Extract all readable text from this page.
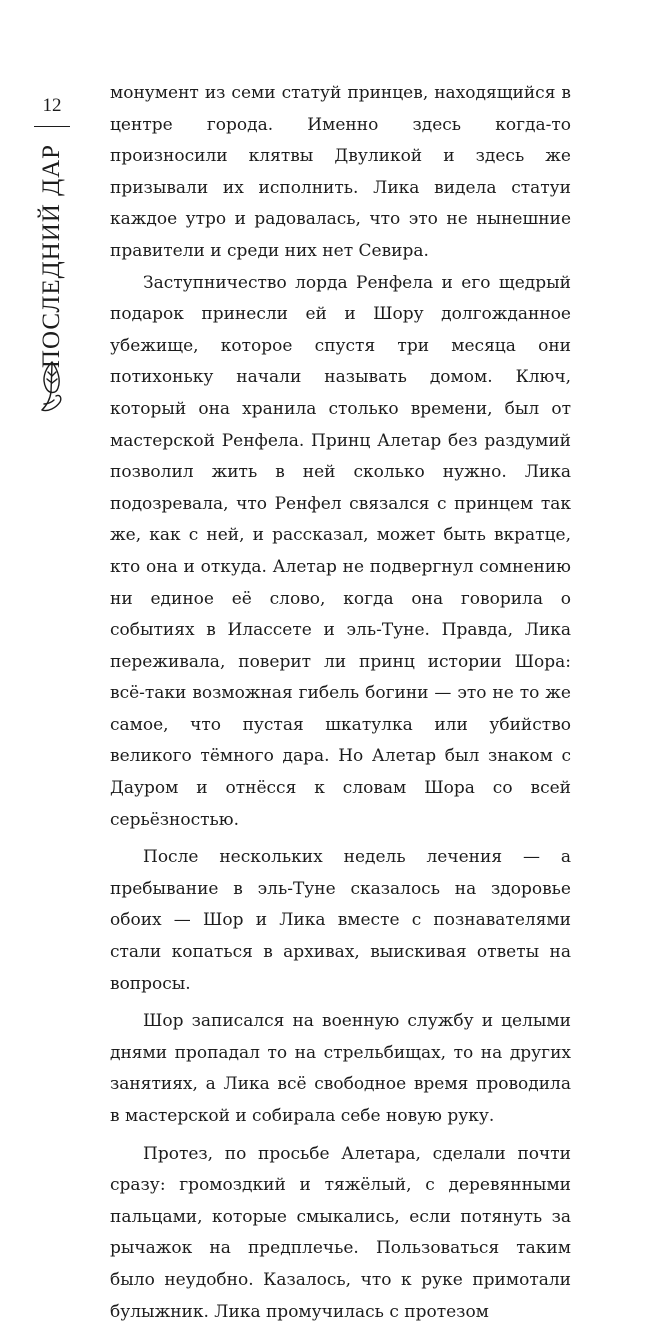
12
ПОСЛЕДНИЙ ДАР

монумент из семи статуй принцев, находящийся в центре города. Именно здесь когда-то произносили клятвы Двуликой и здесь же призывали их исполнить. Лика видела статуи каждое утро и радовалась, что это не нынешние правители и среди них нет Севира.

Заступничество лорда Ренфела и его щедрый подарок принесли ей и Шору долгожданное убежище, которое спустя три месяца они потихоньку начали называть домом. Ключ, который она хранила столько времени, был от мастерской Ренфела. Принц Алетар без раздумий позволил жить в ней сколько нужно. Лика подозревала, что Ренфел связался с принцем так же, как с ней, и рассказал, может быть вкратце, кто она и откуда. Алетар не подвергнул сомнению ни единое её слово, когда она говорила о событиях в Илассете и эль-Туне. Правда, Лика переживала, поверит ли принц истории Шора: всё-таки возможная гибель богини — это не то же самое, что пустая шкатулка или убийство великого тёмного дара. Но Алетар был знаком с Дауром и отнёсся к словам Шора со всей серьёзностью.

После нескольких недель лечения — а пребывание в эль-Туне сказалось на здоровье обоих — Шор и Лика вместе с познавателями стали копаться в архивах, выискивая ответы на вопросы.

Шор записался на военную службу и целыми днями пропадал то на стрельбищах, то на других занятиях, а Лика всё свободное время проводила в мастерской и собирала себе новую руку.

Протез, по просьбе Алетара, сделали почти сразу: громоздкий и тяжёлый, с деревянными пальцами, которые смыкались, если потянуть за рычажок на предплечье. Пользоваться таким было неудобно. Казалось, что к руке примотали булыжник. Лика промучилась с протезом
